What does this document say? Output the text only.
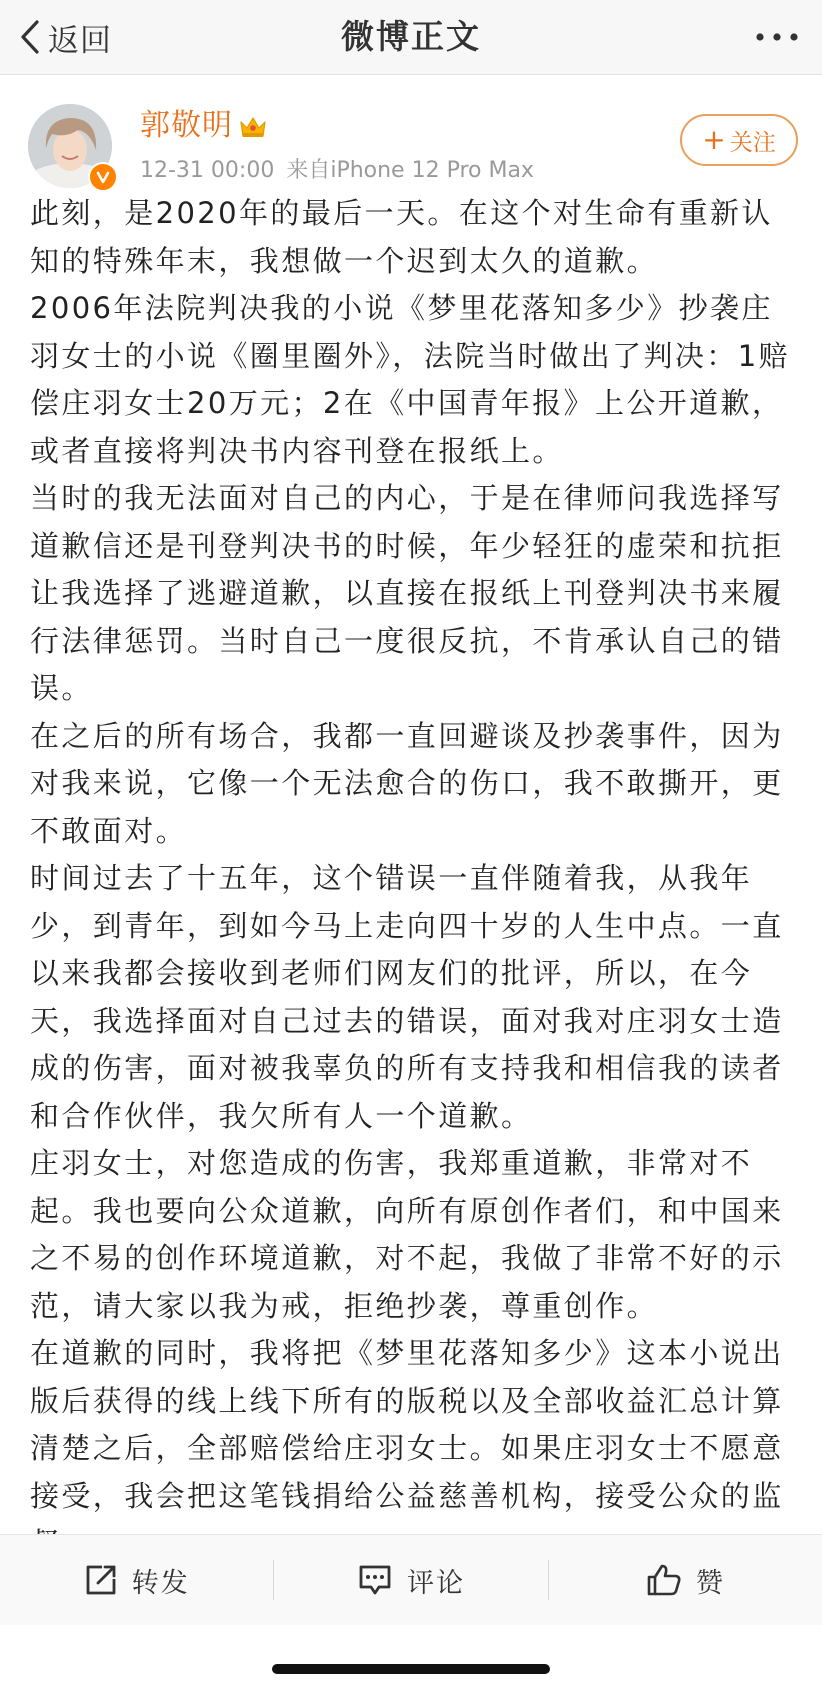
返回	微博正文
郭敬明
12-31 00:00 来自iPhone 12 Pro Max
+ 关注

此刻，是2020年的最后一天。在这个对生命有重新认知的特殊年末，我想做一个迟到太久的道歉。

2006年法院判决我的小说《梦里花落知多少》抄袭庄羽女士的小说《圈里圈外》，法院当时做出了判决：1赔偿庄羽女士20万元；2在《中国青年报》上公开道歉，或者直接将判决书内容刊登在报纸上。

当时的我无法面对自己的内心，于是在律师问我选择写道歉信还是刊登判决书的时候，年少轻狂的虚荣和抗拒让我选择了逃避道歉，以直接在报纸上刊登判决书来履行法律惩罚。当时自己一度很反抗，不肯承认自己的错误。

在之后的所有场合，我都一直回避谈及抄袭事件，因为对我来说，它像一个无法愈合的伤口，我不敢撕开，更不敢面对。

时间过去了十五年，这个错误一直伴随着我，从我年少，到青年，到如今马上走向四十岁的人生中点。一直以来我都会接收到老师们网友们的批评，所以，在今天，我选择面对自己过去的错误，面对我对庄羽女士造成的伤害，面对被我辜负的所有支持我和相信我的读者和合作伙伴，我欠所有人一个道歉。

庄羽女士，对您造成的伤害，我郑重道歉，非常对不起。我也要向公众道歉，向所有原创作者们，和中国来之不易的创作环境道歉，对不起，我做了非常不好的示范，请大家以我为戒，拒绝抄袭，尊重创作。

在道歉的同时，我将把《梦里花落知多少》这本小说出版后获得的线上线下所有的版税以及全部收益汇总计算清楚之后，全部赔偿给庄羽女士。如果庄羽女士不愿意接受，我会把这笔钱捐给公益慈善机构，接受公众的监

转发	评论	赞
